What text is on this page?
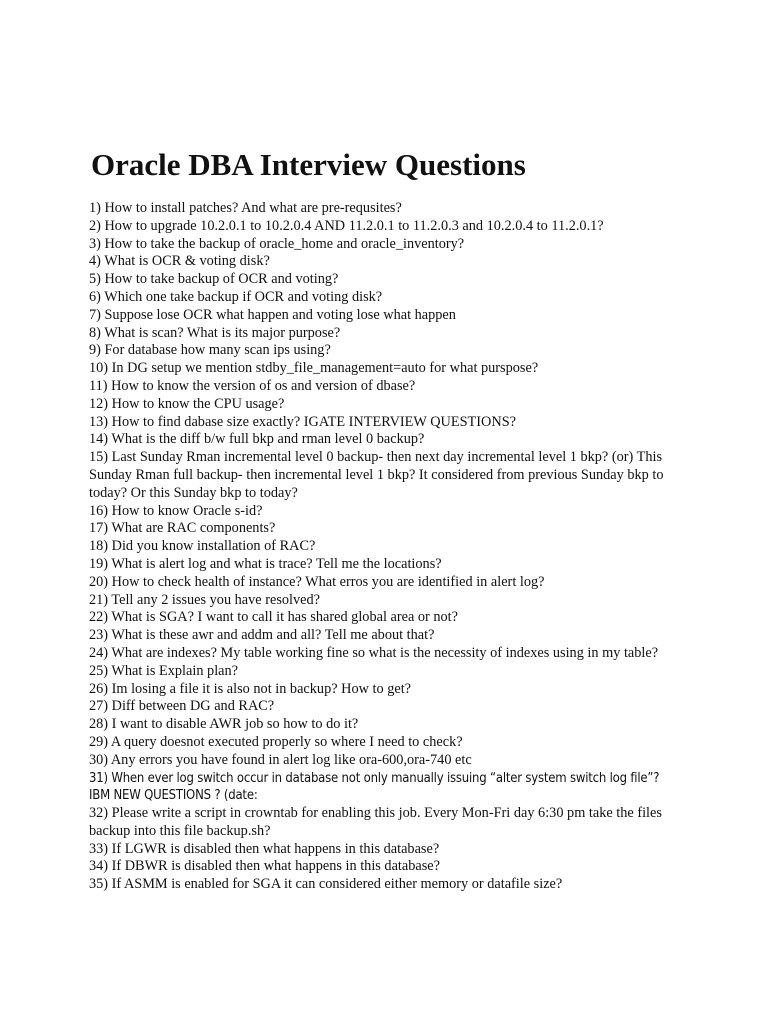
Oracle DBA Interview Questions
1) How to install patches? And what are pre-requsites?
2) How to upgrade 10.2.0.1 to 10.2.0.4 AND 11.2.0.1 to 11.2.0.3 and 10.2.0.4 to 11.2.0.1?
3) How to take the backup of oracle_home and oracle_inventory?
4) What is OCR & voting disk?
5) How to take backup of OCR and voting?
6) Which one take backup if OCR and voting disk?
7) Suppose lose OCR what happen and voting lose what happen
8) What is scan? What is its major purpose?
9) For database how many scan ips using?
10) In DG setup we mention stdby_file_management=auto for what purspose?
11) How to know the version of os and version of dbase?
12) How to know the CPU usage?
13) How to find dabase size exactly? IGATE INTERVIEW QUESTIONS?
14) What is the diff b/w full bkp and rman level 0 backup?
15) Last Sunday Rman incremental level 0 backup- then next day incremental level 1 bkp? (or) This Sunday Rman full backup- then incremental level 1 bkp? It considered from previous Sunday bkp to today? Or this Sunday bkp to today?
16) How to know Oracle s-id?
17) What are RAC components?
18) Did you know installation of RAC?
19) What is alert log and what is trace? Tell me the locations?
20) How to check health of instance? What erros you are identified in alert log?
21) Tell any 2 issues you have resolved?
22) What is SGA? I want to call it has shared global area or not?
23) What is these awr and addm and all? Tell me about that?
24) What are indexes? My table working fine so what is the necessity of indexes using in my table?
25) What is Explain plan?
26) Im losing a file it is also not in backup? How to get?
27) Diff between DG and RAC?
28) I want to disable AWR job so how to do it?
29) A query doesnot executed properly so where I need to check?
30) Any errors you have found in alert log like ora-600,ora-740 etc
31) When ever log switch occur in database not only manually issuing “alter system switch log file”? IBM NEW QUESTIONS ? (date:
32) Please write a script in crowntab for enabling this job. Every Mon-Fri day 6:30 pm take the files backup into this file backup.sh?
33) If LGWR is disabled then what happens in this database?
34) If DBWR is disabled then what happens in this database?
35) If ASMM is enabled for SGA it can considered either memory or datafile size?
